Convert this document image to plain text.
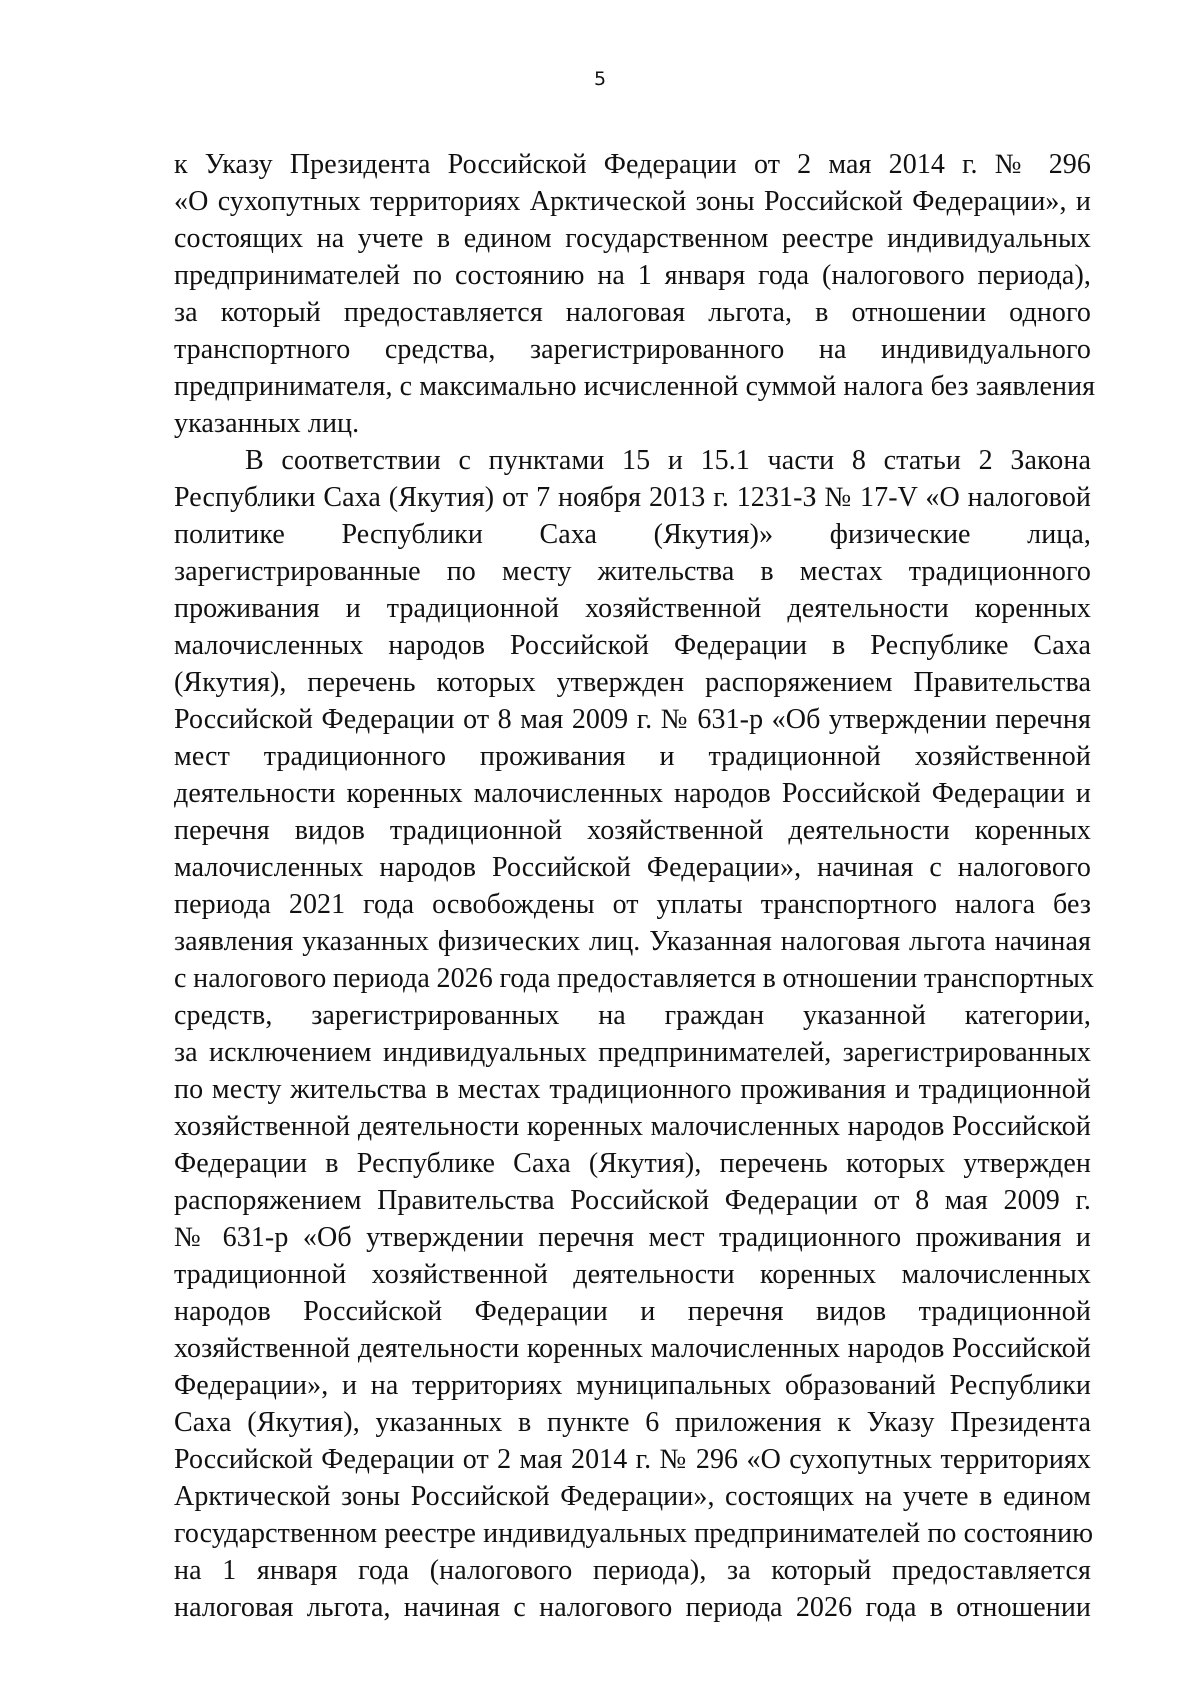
5
к Указу Президента Российской Федерации от 2 мая 2014 г. № 296
«О сухопутных территориях Арктической зоны Российской Федерации», и
состоящих на учете в едином государственном реестре индивидуальных
предпринимателей по состоянию на 1 января года (налогового периода),
за который предоставляется налоговая льгота, в отношении одного
транспортного средства, зарегистрированного на индивидуального
предпринимателя, с максимально исчисленной суммой налога без заявления
указанных лиц.
В соответствии с пунктами 15 и 15.1 части 8 статьи 2 Закона
Республики Саха (Якутия) от 7 ноября 2013 г. 1231-З № 17-V «О налоговой
политике Республики Саха (Якутия)» физические лица,
зарегистрированные по месту жительства в местах традиционного
проживания и традиционной хозяйственной деятельности коренных
малочисленных народов Российской Федерации в Республике Саха
(Якутия), перечень которых утвержден распоряжением Правительства
Российской Федерации от 8 мая 2009 г. № 631-р «Об утверждении перечня
мест традиционного проживания и традиционной хозяйственной
деятельности коренных малочисленных народов Российской Федерации и
перечня видов традиционной хозяйственной деятельности коренных
малочисленных народов Российской Федерации», начиная с налогового
периода 2021 года освобождены от уплаты транспортного налога без
заявления указанных физических лиц. Указанная налоговая льгота начиная
с налогового периода 2026 года предоставляется в отношении транспортных
средств, зарегистрированных на граждан указанной категории,
за исключением индивидуальных предпринимателей, зарегистрированных
по месту жительства в местах традиционного проживания и традиционной
хозяйственной деятельности коренных малочисленных народов Российской
Федерации в Республике Саха (Якутия), перечень которых утвержден
распоряжением Правительства Российской Федерации от 8 мая 2009 г.
№ 631-р «Об утверждении перечня мест традиционного проживания и
традиционной хозяйственной деятельности коренных малочисленных
народов Российской Федерации и перечня видов традиционной
хозяйственной деятельности коренных малочисленных народов Российской
Федерации», и на территориях муниципальных образований Республики
Саха (Якутия), указанных в пункте 6 приложения к Указу Президента
Российской Федерации от 2 мая 2014 г. № 296 «О сухопутных территориях
Арктической зоны Российской Федерации», состоящих на учете в едином
государственном реестре индивидуальных предпринимателей по состоянию
на 1 января года (налогового периода), за который предоставляется
налоговая льгота, начиная с налогового периода 2026 года в отношении
